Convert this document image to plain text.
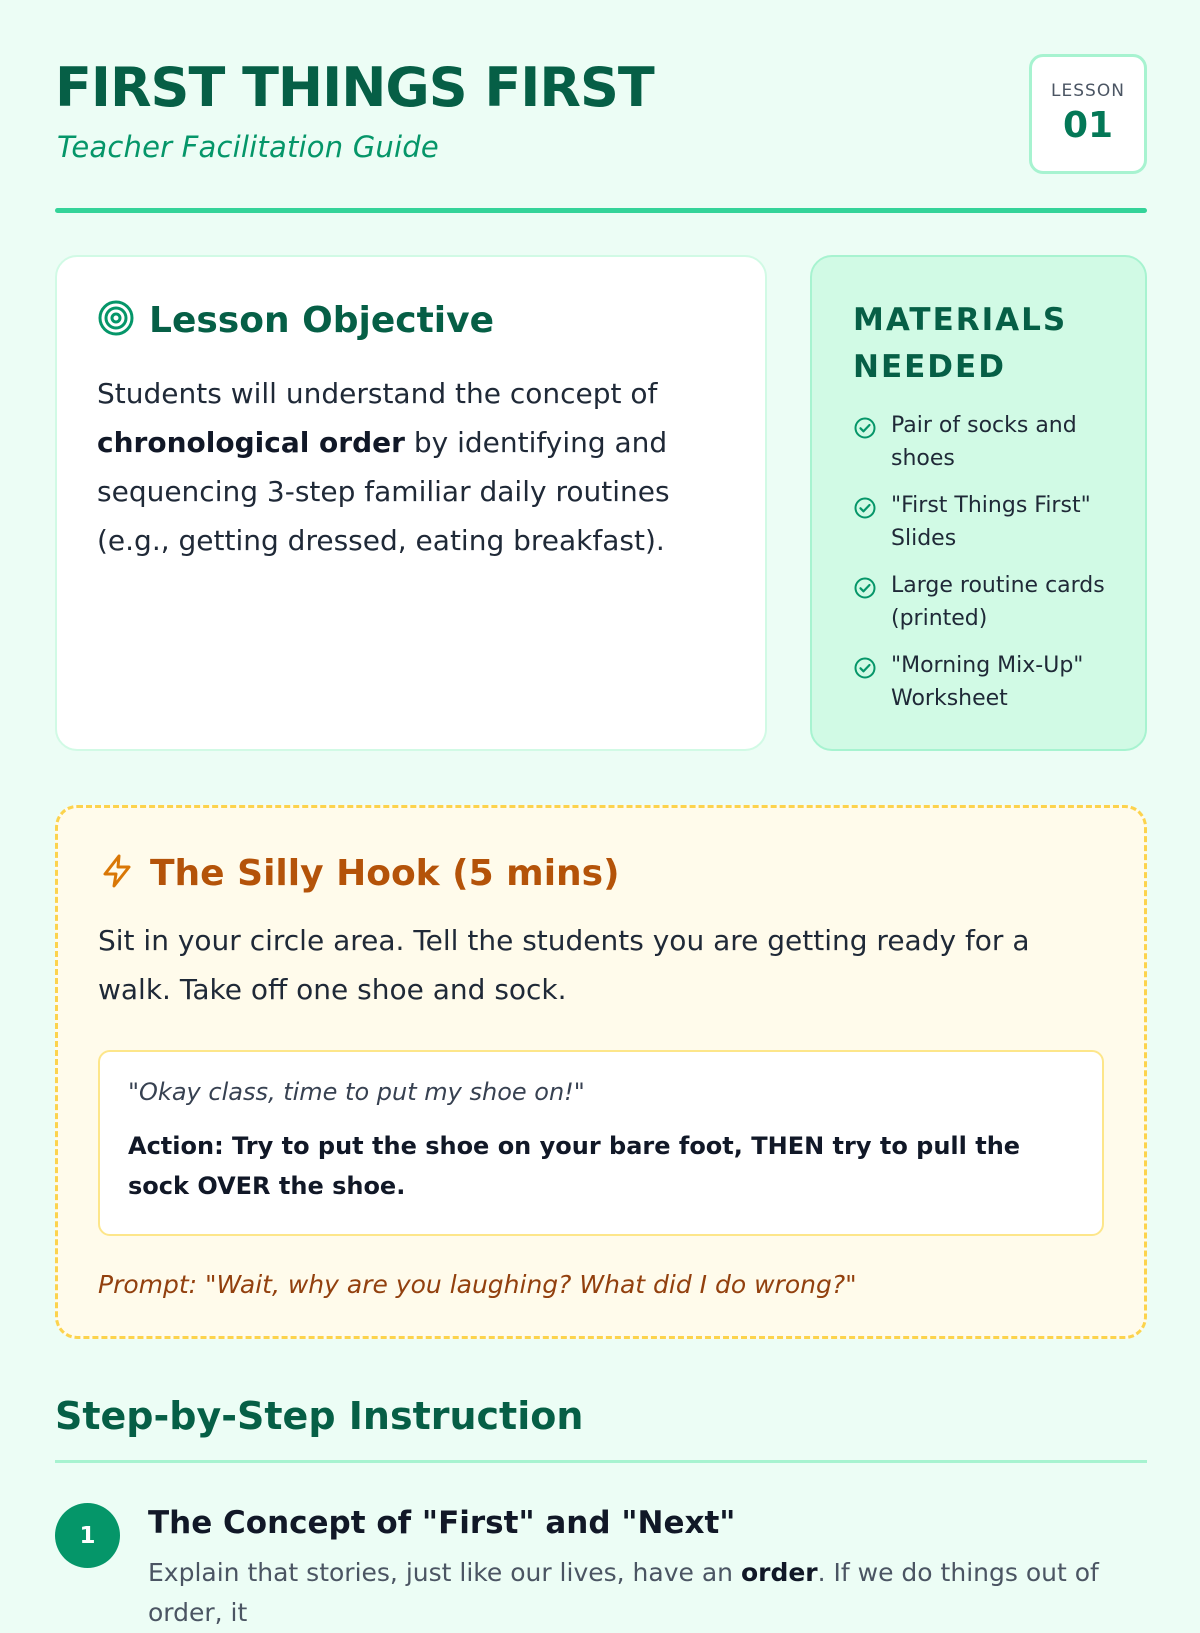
FIRST THINGS FIRST

Teacher Facilitation Guide

LESSON
01
Lesson Objective

Students will understand the concept of chronological order by identifying and sequencing 3-step familiar daily routines (e.g., getting dressed, eating breakfast).

MATERIALS NEEDED
Pair of socks and shoes
"First Things First" Slides
Large routine cards (printed)
"Morning Mix-Up" Worksheet
The Silly Hook (5 mins)

Sit in your circle area. Tell the students you are getting ready for a walk. Take off one shoe and sock.

"Okay class, time to put my shoe on!"

Action: Try to put the shoe on your bare foot, THEN try to pull the sock OVER the shoe.

Prompt: "Wait, why are you laughing? What did I do wrong?"

Step-by-Step Instruction
1	The Concept of "First" and "Next"

Explain that stories, just like our lives, have an order. If we do things out of order, it
